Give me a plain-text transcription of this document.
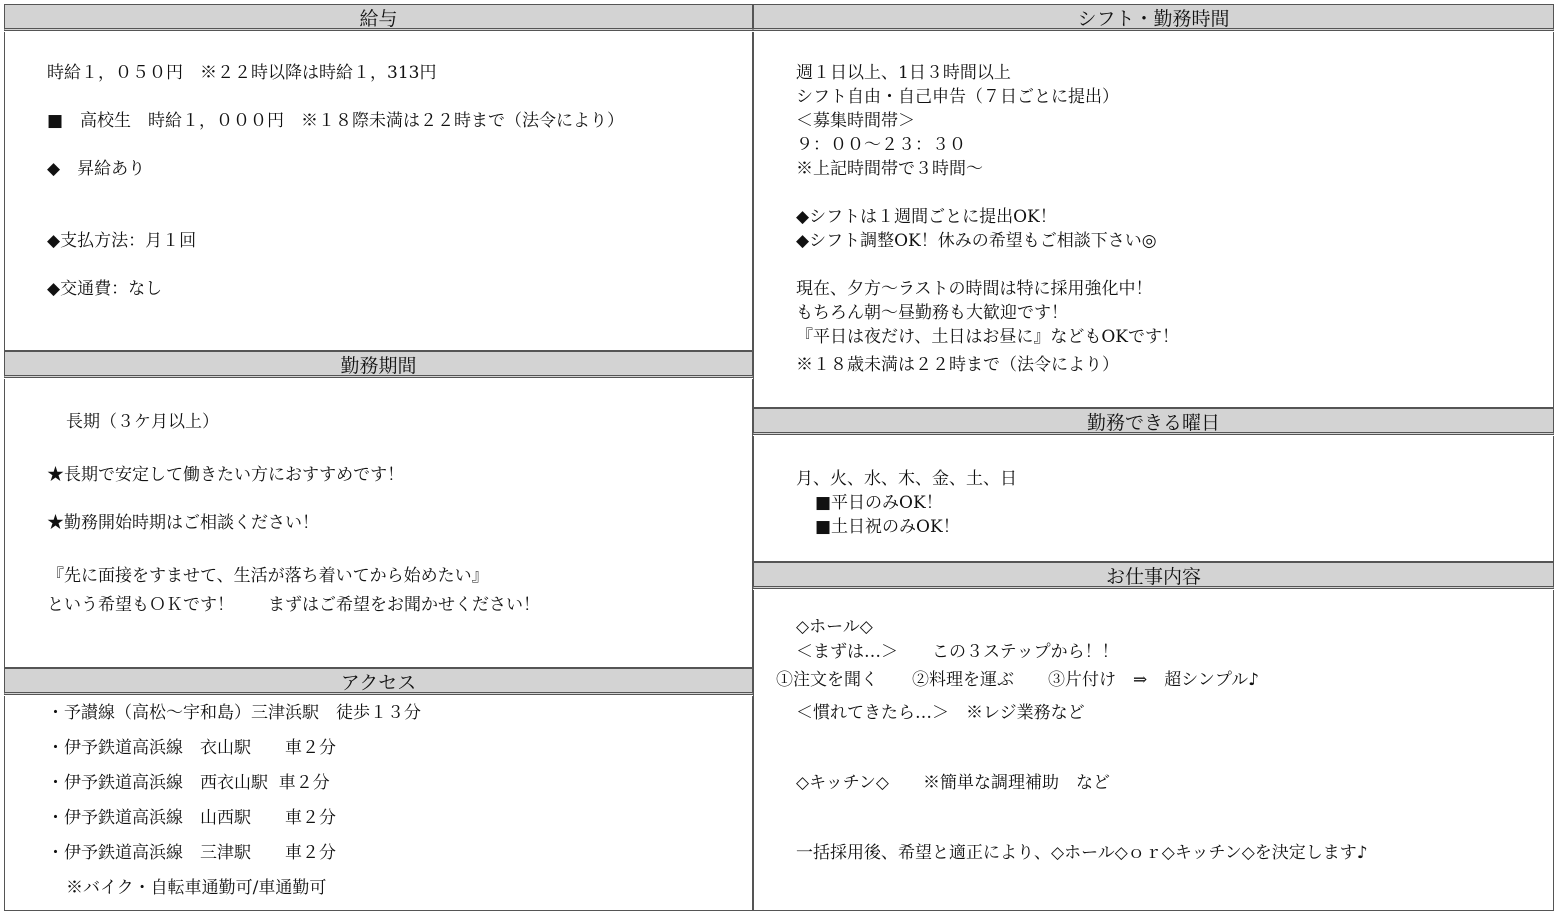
給与
時給１，０５０円　※２２時以降は時給１，313円
■　高校生　時給１，０００円　※１８際未満は２２時まで（法令により）
◆　昇給あり
◆支払方法：月１回
◆交通費：なし
勤務期間
長期（３ケ月以上）
★長期で安定して働きたい方におすすめです！
★勤務開始時期はご相談ください！
『先に面接をすませて、生活が落ち着いてから始めたい』
という希望もＯＫです！　　まずはご希望をお聞かせください！
アクセス
・予讃線（高松～宇和島）三津浜駅　徒歩１３分
・伊予鉄道高浜線　衣山駅　　車２分
・伊予鉄道高浜線　西衣山駅  車２分
・伊予鉄道高浜線　山西駅　　車２分
・伊予鉄道高浜線　三津駅　　車２分
※バイク・自転車通勤可/車通勤可
シフト・勤務時間
週１日以上、1日３時間以上
シフト自由・自己申告（７日ごとに提出）
＜募集時間帯＞
９：００～２３：３０
※上記時間帯で３時間～
◆シフトは１週間ごとに提出OK！
◆シフト調整OK！休みの希望もご相談下さい◎
現在、夕方～ラストの時間は特に採用強化中！
もちろん朝～昼勤務も大歓迎です！
『平日は夜だけ、土日はお昼に』などもOKです！
※１８歳未満は２２時まで（法令により）
勤務できる曜日
月、火、水、木、金、土、日
■平日のみOK！
■土日祝のみOK！
お仕事内容
◇ホール◇
＜まずは…＞　　この３ステップから！！
①注文を聞く　　②料理を運ぶ　　③片付け　⇒　超シンプル♪
＜慣れてきたら…＞　※レジ業務など
◇キッチン◇　　※簡単な調理補助　など
一括採用後、希望と適正により、◇ホール◇ｏｒ◇キッチン◇を決定します♪
